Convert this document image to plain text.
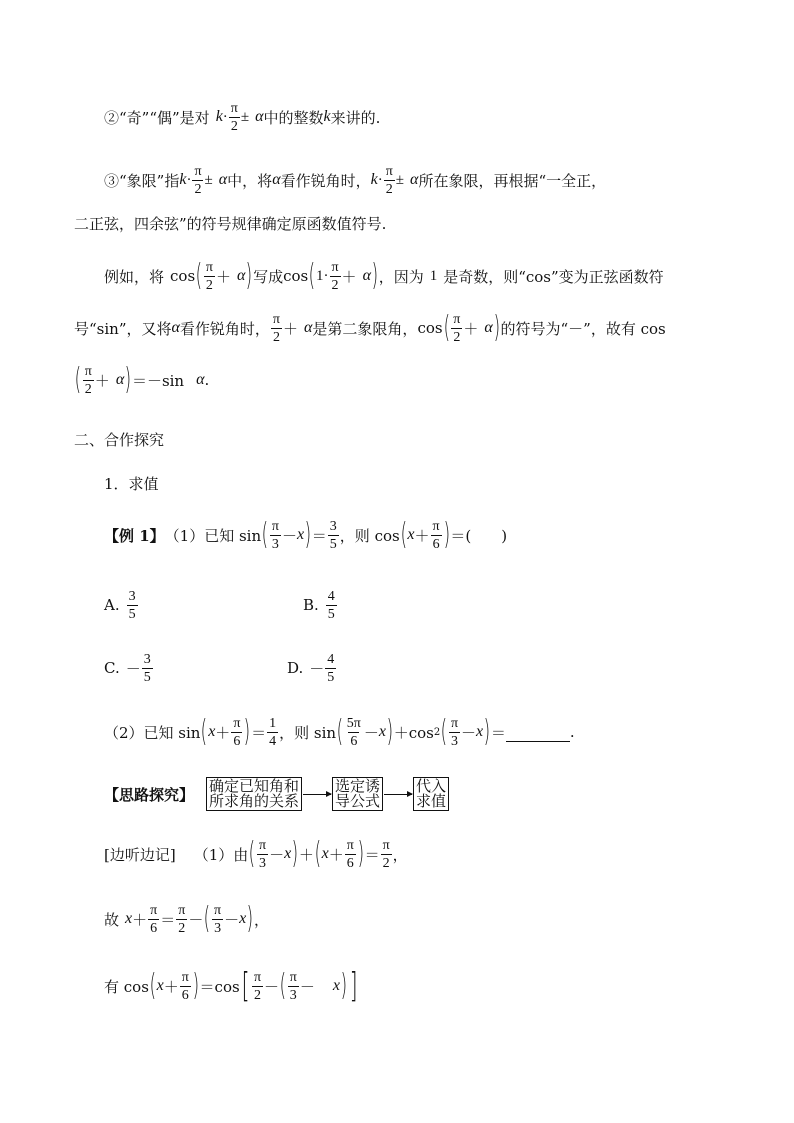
②“奇”“偶”是对 $k \cdot \frac{\pi}{2} \pm \alpha$ 中的整数 k 来讲的.
③“象限”指 $k \cdot \frac{\pi}{2} \pm \alpha$ 中，将 α 看作锐角时， $k \cdot \frac{\pi}{2} \pm \alpha$ 所在象限，再根据“一全正，
二正弦，四余弦”的符号规律确定原函数值符号.
例如，将 cos ( $\frac{\pi}{2} + \alpha$ ) 写成 cos ( $1 \cdot \frac{\pi}{2} + \alpha$ ) ，因为 1 是奇数，则“cos”变为正弦函数符
号“sin”，又将 α 看作锐角时， $\frac{\pi}{2} + \alpha$ 是第二象限角， cos ( $\frac{\pi}{2} + \alpha$ ) 的符号为“－”，故有 cos
( $\frac{\pi}{2} + \alpha$ ) ＝－sin α .
二、合作探究
1．求值
【例 1】 （1）已知 sin ( $\frac{\pi}{3} - x$ ) ＝ $\frac{3}{5}$ ，则 cos ( $x + \frac{\pi}{6}$ ) ＝(　　)
A. $\frac{3}{5}$	B. $\frac{4}{5}$
C. － $\frac{3}{5}$	D. － $\frac{4}{5}$
（2）已知 sin ( $x + \frac{\pi}{6}$ ) ＝ $\frac{1}{4}$ ，则 sin ( $\frac{5\pi}{6} - x$ ) ＋cos 2 ( $\frac{\pi}{3} - x$ ) ＝	.
【思路探究】 确定已知角和
所求角的关系
选定诱
导公式
代入
求值
[边听边记] （1）由 ( $\frac{\pi}{3} - x$ ) ＋ ( $x + \frac{\pi}{6}$ ) ＝ $\frac{\pi}{2}$ ，
故 $x + \frac{\pi}{6} = \frac{\pi}{2}$ － ( $\frac{\pi}{3} - x$ ) ，
有 cos ( $x + \frac{\pi}{6}$ ) ＝cos [ $\frac{\pi}{2}$ － ( $\frac{\pi}{3} - x$ ) ]
